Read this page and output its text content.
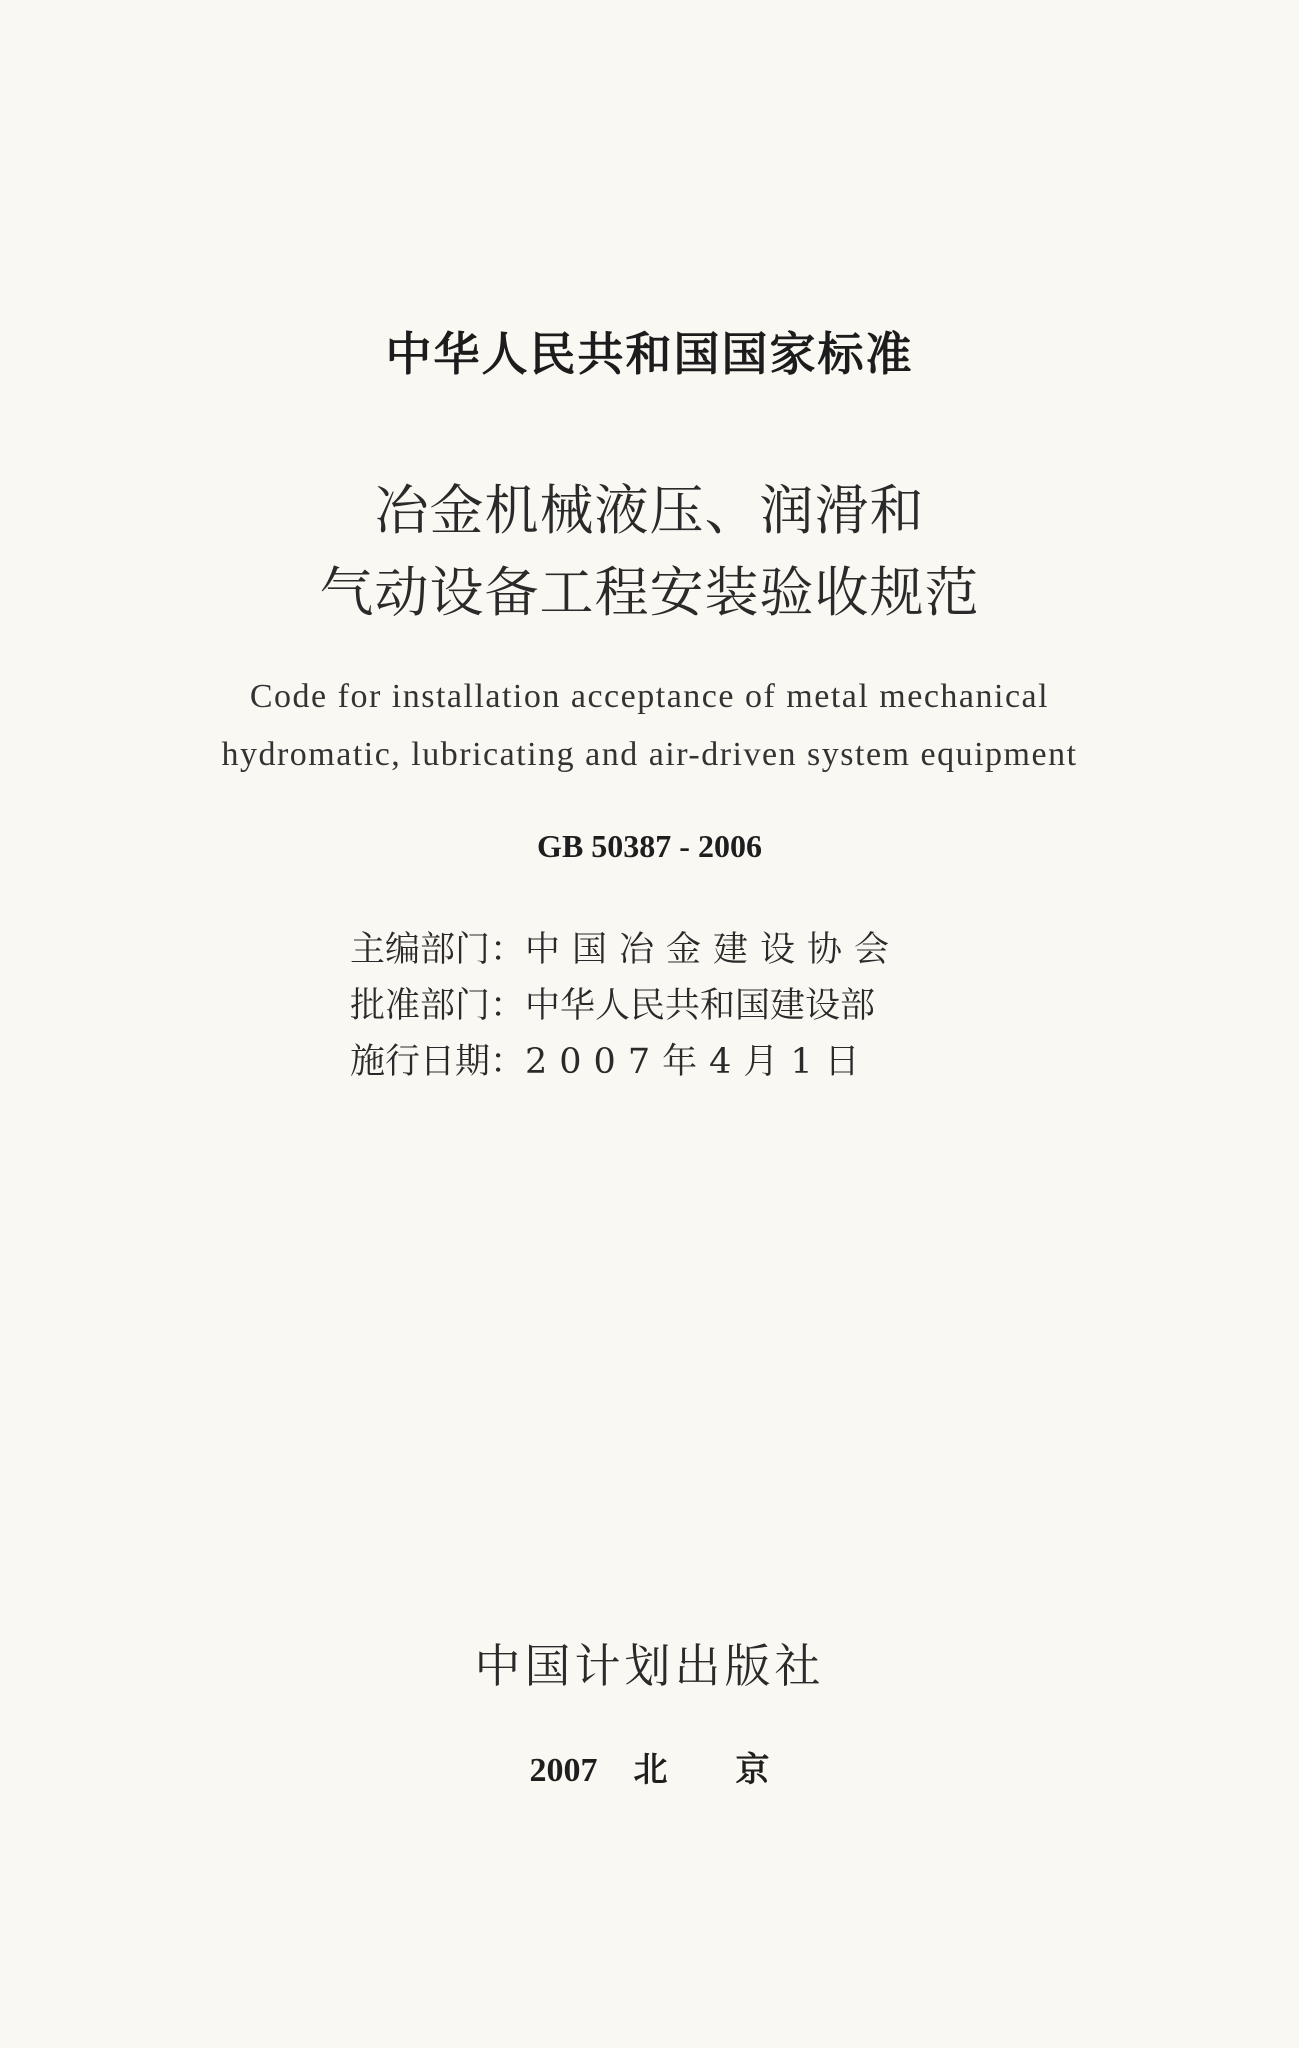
中华人民共和国国家标准
冶金机械液压、润滑和
气动设备工程安装验收规范
Code for installation acceptance of metal mechanical
hydromatic, lubricating and air-driven system equipment
GB 50387 - 2006
主编部门：中国冶金建设协会
批准部门：中华人民共和国建设部
施行日期：2007年4月1日
中国计划出版社
2007 北 京
